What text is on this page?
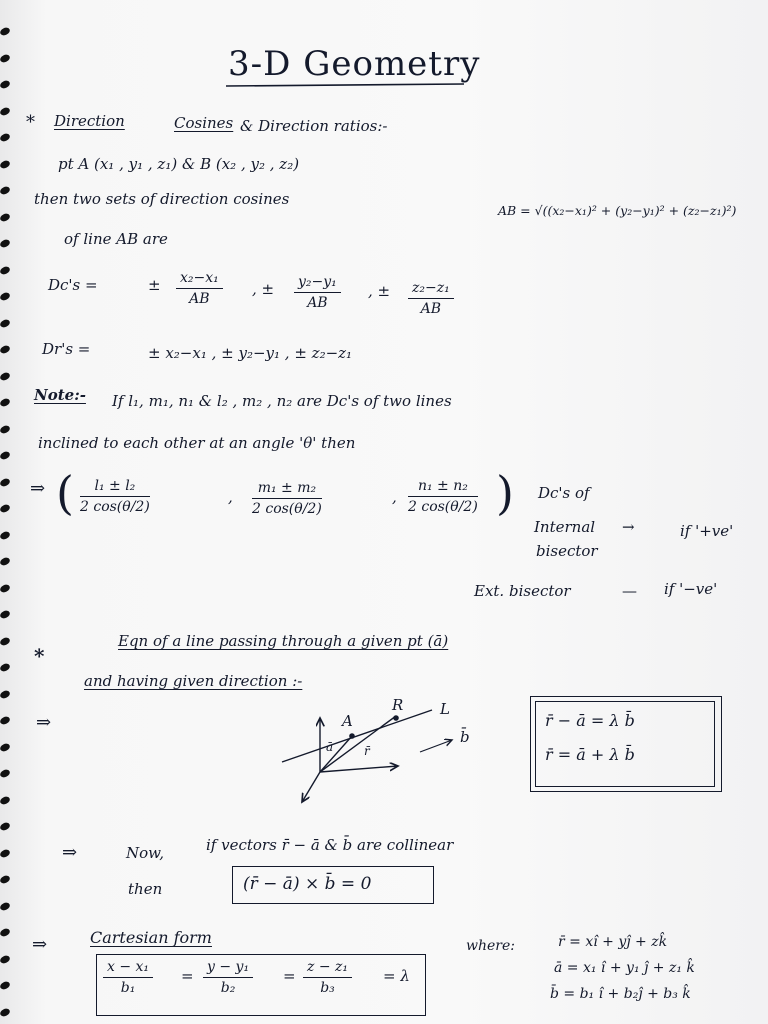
3-D Geometry
* Direction	Cosines & Direction ratios:-
pt A (x₁ , y₁ , z₁) & B (x₂ , y₂ , z₂)
then two sets of direction cosines
of line AB are
AB = √((x₂−x₁)² + (y₂−y₁)² + (z₂−z₁)²)
Dc's =	± $\frac{\text{x₂−x₁}}{AB}$ , ± $\frac{\text{y₂−y₁}}{AB}$ , ± $\frac{\text{z₂−z₁}}{AB}$
Dr's =	± x₂−x₁ , ± y₂−y₁ , ± z₂−z₁
Note:- If l₁, m₁, n₁ & l₂ , m₂ , n₂ are Dc's of two lines
inclined to each other at an angle 'θ' then
⇒ ( $\frac{\text{l₁ ± l₂}}{2 \cos(\theta/2)}$	, $\frac{\text{m₁ ± m₂}}{2 \cos(\theta/2)}$	, $\frac{\text{n₁ ± n₂}}{2 \cos(\theta/2)}$ ) Dc's of
Internal →	if '+ve'
bisector
Ext. bisector	— if '−ve'
*
Eqn of a line passing through a given pt (ā)
and having given direction :-
⇒	A
R L
ā	r̄
b̄
r̄ − ā = λ b̄
r̄ = ā + λ b̄
⇒	Now,	if vectors r̄ − ā & b̄ are collinear
then	(r̄ − ā) × b̄ = 0
⇒	Cartesian form
$\frac{\text{x − x₁}}{\text{b₁}} = \frac{\text{y − y₁}}{\text{b₂}} = \frac{\text{z − z₁}}{\text{b₃}} = \lambda$
where:	r̄ = xî + yĵ + zk̂
ā = x₁ î + y₁ ĵ + z₁ k̂
b̄ = b₁ î + b₂ĵ + b₃ k̂
